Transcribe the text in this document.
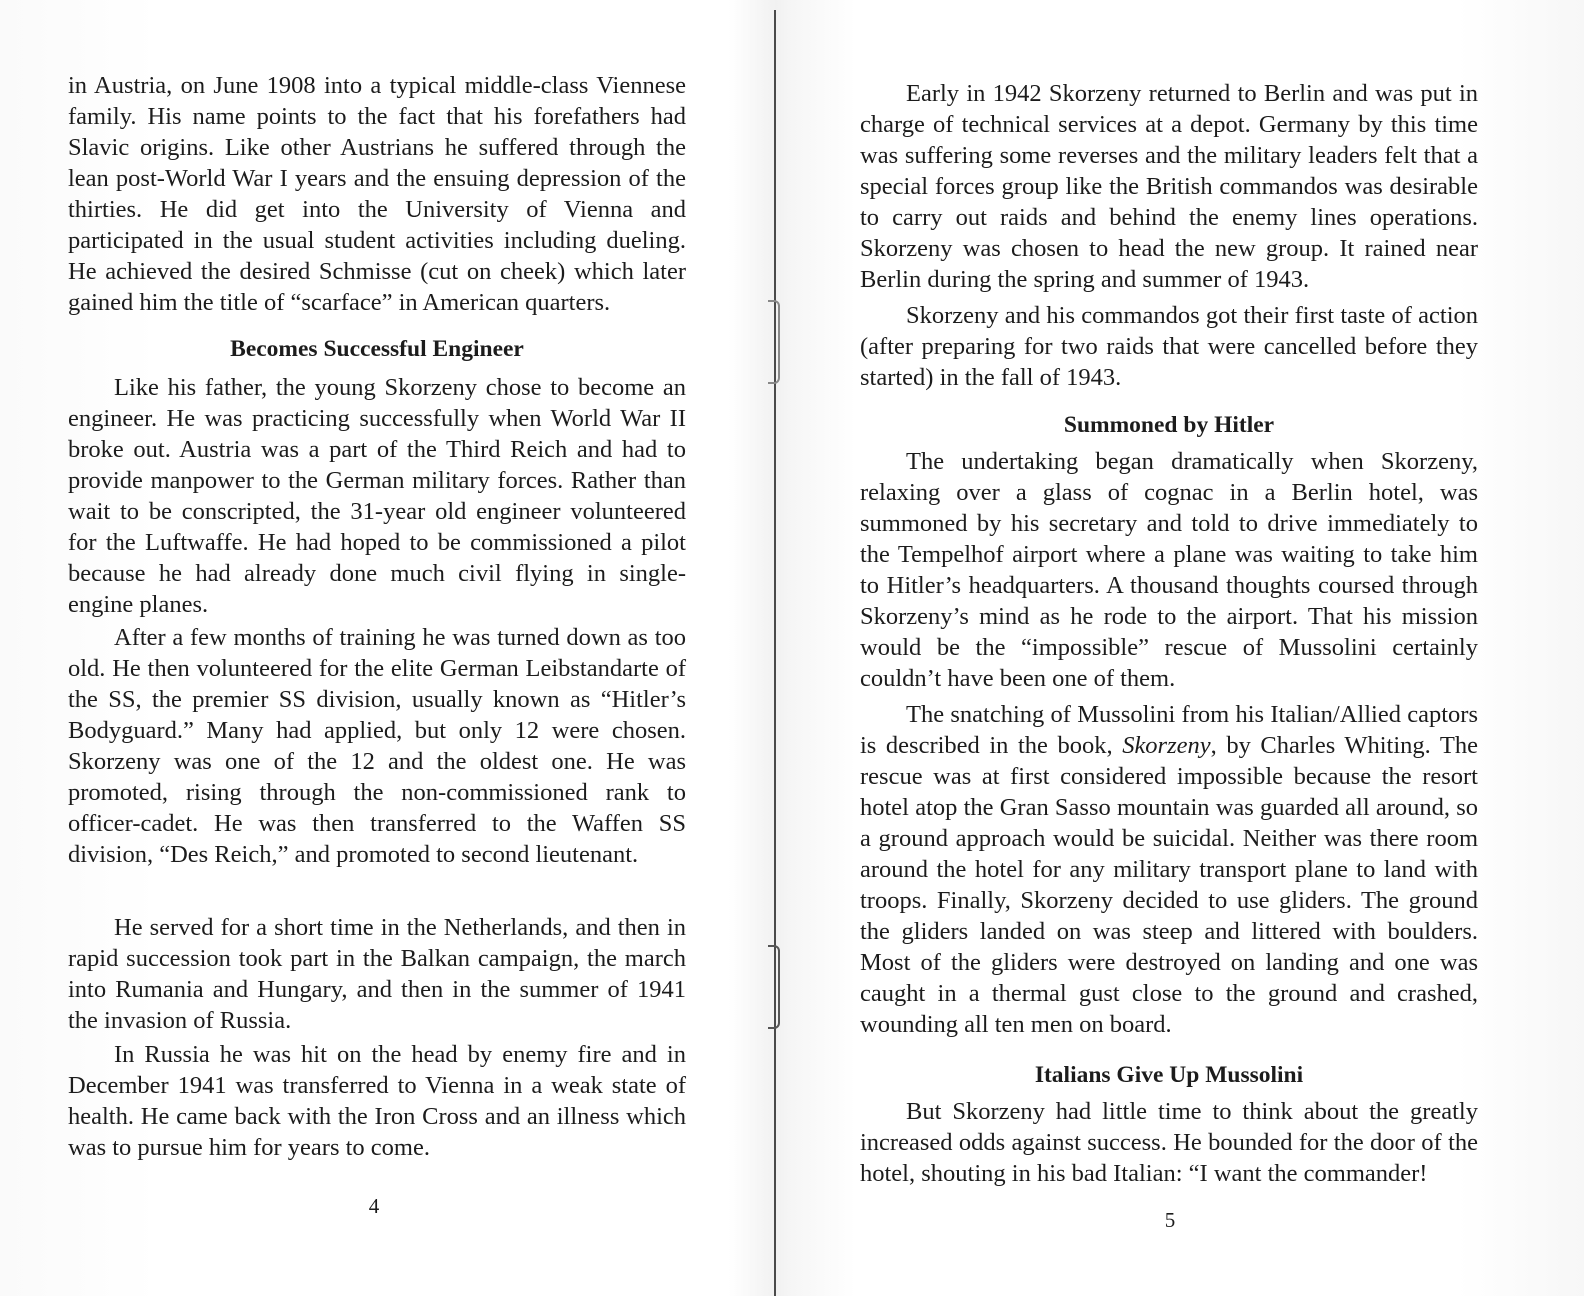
in Austria, on June 1908 into a typical middle-class Viennese family. His name points to the fact that his forefathers had Slavic origins. Like other Austrians he suffered through the lean post-World War I years and the ensuing depression of the thirties. He did get into the University of Vienna and participated in the usual student activities including dueling. He achieved the desired Schmisse (cut on cheek) which later gained him the title of “scarface” in American quarters.

Becomes Successful Engineer

Like his father, the young Skorzeny chose to become an engineer. He was practicing successfully when World War II broke out. Austria was a part of the Third Reich and had to provide manpower to the German military forces. Rather than wait to be conscripted, the 31-year old engineer volunteered for the Luftwaffe. He had hoped to be commissioned a pilot because he had already done much civil flying in single-engine planes.

After a few months of training he was turned down as too old. He then volunteered for the elite German Leibstandarte of the SS, the premier SS division, usually known as “Hitler’s Bodyguard.” Many had applied, but only 12 were chosen. Skorzeny was one of the 12 and the oldest one. He was promoted, rising through the non-commissioned rank to officer-cadet. He was then transferred to the Waffen SS division, “Des Reich,” and promoted to second lieutenant.

He served for a short time in the Netherlands, and then in rapid succession took part in the Balkan campaign, the march into Rumania and Hungary, and then in the summer of 1941 the invasion of Russia.

In Russia he was hit on the head by enemy fire and in December 1941 was transferred to Vienna in a weak state of health. He came back with the Iron Cross and an illness which was to pursue him for years to come.

4

Early in 1942 Skorzeny returned to Berlin and was put in charge of technical services at a depot. Germany by this time was suffering some reverses and the military leaders felt that a special forces group like the British commandos was desirable to carry out raids and behind the enemy lines operations. Skorzeny was chosen to head the new group. It rained near Berlin during the spring and summer of 1943.

Skorzeny and his commandos got their first taste of action (after preparing for two raids that were cancelled before they started) in the fall of 1943.

Summoned by Hitler

The undertaking began dramatically when Skorzeny, relaxing over a glass of cognac in a Berlin hotel, was summoned by his secretary and told to drive immediately to the Tempelhof airport where a plane was waiting to take him to Hitler’s headquarters. A thousand thoughts coursed through Skorzeny’s mind as he rode to the airport. That his mission would be the “impossible” rescue of Mussolini certainly couldn’t have been one of them.

The snatching of Mussolini from his Italian/Allied captors is described in the book, Skorzeny, by Charles Whiting. The rescue was at first considered impossible because the resort hotel atop the Gran Sasso mountain was guarded all around, so a ground approach would be suicidal. Neither was there room around the hotel for any military transport plane to land with troops. Finally, Skorzeny decided to use gliders. The ground the gliders landed on was steep and littered with boulders. Most of the gliders were destroyed on landing and one was caught in a thermal gust close to the ground and crashed, wounding all ten men on board.

Italians Give Up Mussolini

But Skorzeny had little time to think about the greatly increased odds against success. He bounded for the door of the hotel, shouting in his bad Italian: “I want the commander!

5
